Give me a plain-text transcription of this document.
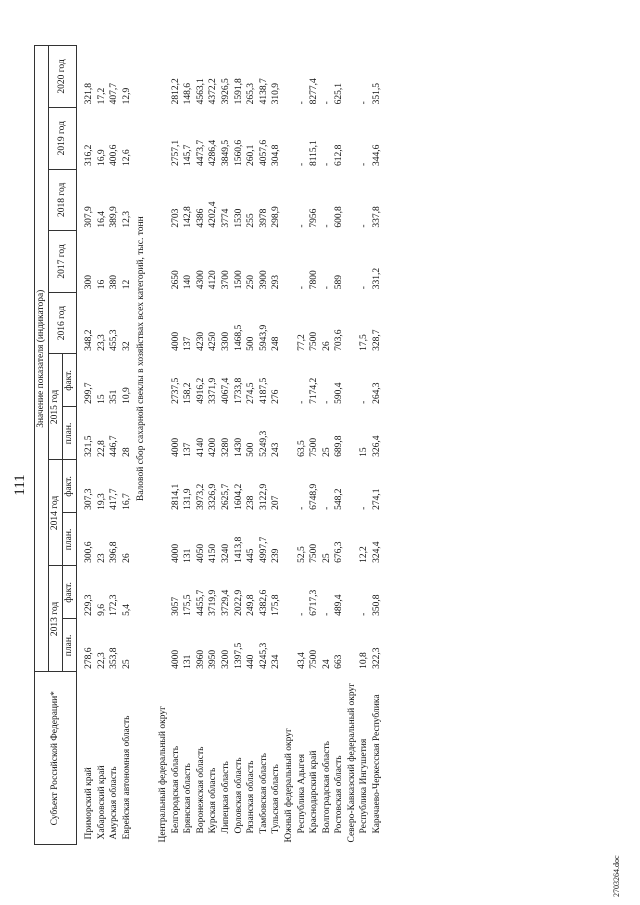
111
Субъект Российской Федерации*	Значение показателя (индикатора)										
	2013 год		2014 год		2015 год		2016 год	2017 год	2018 год	2019 год	2020 год
	план.	факт.	план.	факт.	план.	факт.					

Приморский край	278,6	229,3	300,6	307,3	321,5	299,7	348,2	300	307,9	316,2	321,8
Хабаровский край	22,3	9,6	23	19,3	22,8	15	23,3	16	16,4	16,9	17,2
Амурская область	353,8	172,3	396,8	417,7	446,7	351	455,3	380	389,9	400,6	407,7
Еврейская автономная область	25	5,4	26	16,7	28	10,9	32	12	12,3	12,6	12,9
	Валовой сбор сахарной свеклы в хозяйствах всех категорий, тыс. тонн										

Центральный федеральный округ											
Белгородская область	4000	3057	4000	2814,1	4000	2737,5	4000	2650	2703	2757,1	2812,2
Брянская область	131	175,5	131	131,9	137	158,2	137	140	142,8	145,7	148,6
Воронежская область	3960	4455,7	4050	3973,2	4140	4916,2	4230	4300	4386	4473,7	4563,1
Курская область	3950	3719,9	4150	3326,9	4200	3371,9	4250	4120	4202,4	4286,4	4372,2
Липецкая область	3200	3729,4	3240	2625,7	3280	4067,4	3300	3700	3774	3849,5	3926,5
Орловская область	1397,5	2022,9	1413,8	1604,2	1430	1733,8	1468,5	1500	1530	1560,6	1591,8
Рязанская область	440	249,8	445	238	500	274,5	500	250	255	260,1	265,3
Тамбовская область	4245,3	4382,6	4997,7	3122,9	5249,3	4187,5	5943,9	3900	3978	4057,6	4138,7
Тульская область	234	175,8	239	207	243	276	248	293	298,9	304,8	310,9
Южный федеральный округ											
Республика Адыгея	43,4	-	52,5	-	63,5	-	77,2	-	-	-	-
Краснодарский край	7500	6717,3	7500	6748,9	7500	7174,2	7500	7800	7956	8115,1	8277,4
Волгоградская область	24	-	25	-	25	-	26	-	-	-	-
Ростовская область	663	489,4	676,3	548,2	689,8	590,4	703,6	589	600,8	612,8	625,1
Северо-Кавказский федеральный округ											
Республика Ингушетия	10,8	-	12,2	-	15	-	17,5	-	-	-	-
Карачаево-Черкесская Республика	322,3	350,8	324,4	274,1	326,4	264,3	328,7	331,2	337,8	344,6	351,5
2703264.doc
